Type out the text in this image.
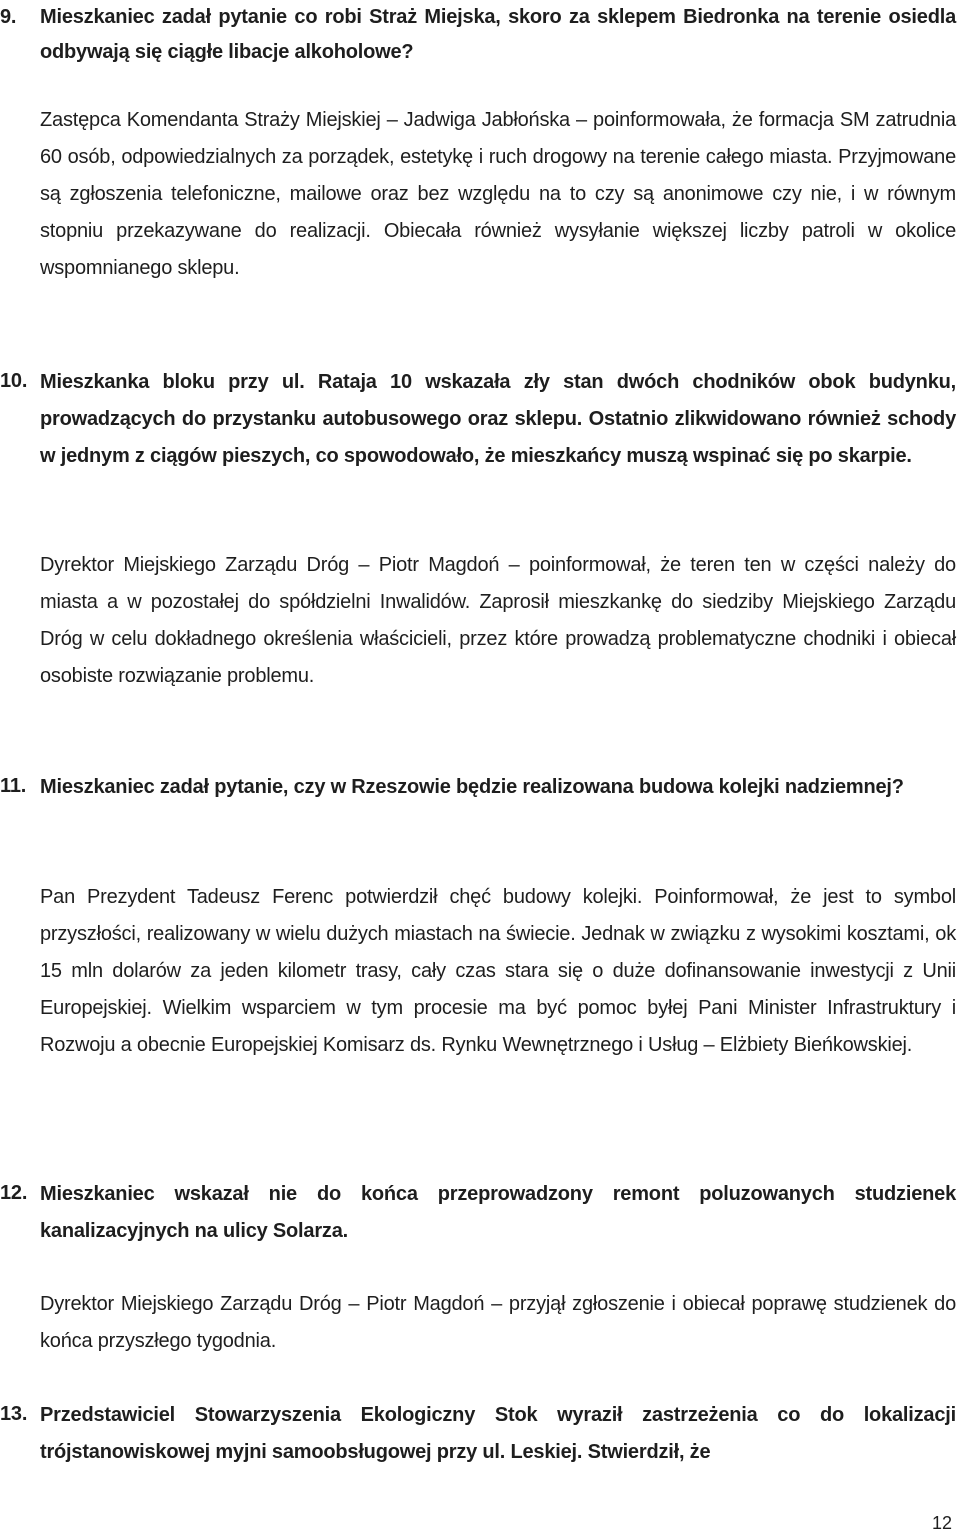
9.	Mieszkaniec zadał pytanie co robi Straż Miejska, skoro za sklepem Biedronka na terenie osiedla odbywają się ciągłe libacje alkoholowe?
Zastępca Komendanta Straży Miejskiej – Jadwiga Jabłońska – poinformowała, że formacja SM zatrudnia 60 osób, odpowiedzialnych za porządek, estetykę i ruch drogowy na terenie całego miasta. Przyjmowane są zgłoszenia telefoniczne, mailowe oraz bez względu na to czy są anonimowe czy nie, i w równym stopniu przekazywane do realizacji. Obiecała również wysyłanie większej liczby patroli w okolice wspomnianego sklepu.
10. Mieszkanka bloku przy ul. Rataja 10 wskazała zły stan dwóch chodników obok budynku, prowadzących do przystanku autobusowego oraz sklepu. Ostatnio zlikwidowano również schody w jednym z ciągów pieszych, co spowodowało, że mieszkańcy muszą wspinać się po skarpie.
Dyrektor Miejskiego Zarządu Dróg – Piotr Magdoń – poinformował, że teren ten w części należy do miasta a w pozostałej do spółdzielni Inwalidów. Zaprosił mieszkankę do siedziby Miejskiego Zarządu Dróg w celu dokładnego określenia właścicieli, przez które prowadzą problematyczne chodniki i obiecał osobiste rozwiązanie problemu.
11. Mieszkaniec zadał pytanie, czy w Rzeszowie będzie realizowana budowa kolejki nadziemnej?
Pan Prezydent Tadeusz Ferenc potwierdził chęć budowy kolejki. Poinformował, że jest to symbol przyszłości, realizowany w wielu dużych miastach na świecie. Jednak w związku z wysokimi kosztami, ok 15 mln dolarów za jeden kilometr trasy, cały czas stara się o duże dofinansowanie inwestycji z Unii Europejskiej. Wielkim wsparciem w tym procesie ma być pomoc byłej Pani Minister Infrastruktury i Rozwoju a obecnie Europejskiej Komisarz ds. Rynku Wewnętrznego i Usług – Elżbiety Bieńkowskiej.
12. Mieszkaniec wskazał nie do końca przeprowadzony remont poluzowanych studzienek kanalizacyjnych na ulicy Solarza.
Dyrektor Miejskiego Zarządu Dróg – Piotr Magdoń – przyjął zgłoszenie i obiecał poprawę studzienek do końca przyszłego tygodnia.
13. Przedstawiciel Stowarzyszenia Ekologiczny Stok wyraził zastrzeżenia co do lokalizacji trójstanowiskowej myjni samoobsługowej przy ul. Leskiej. Stwierdził, że
12
